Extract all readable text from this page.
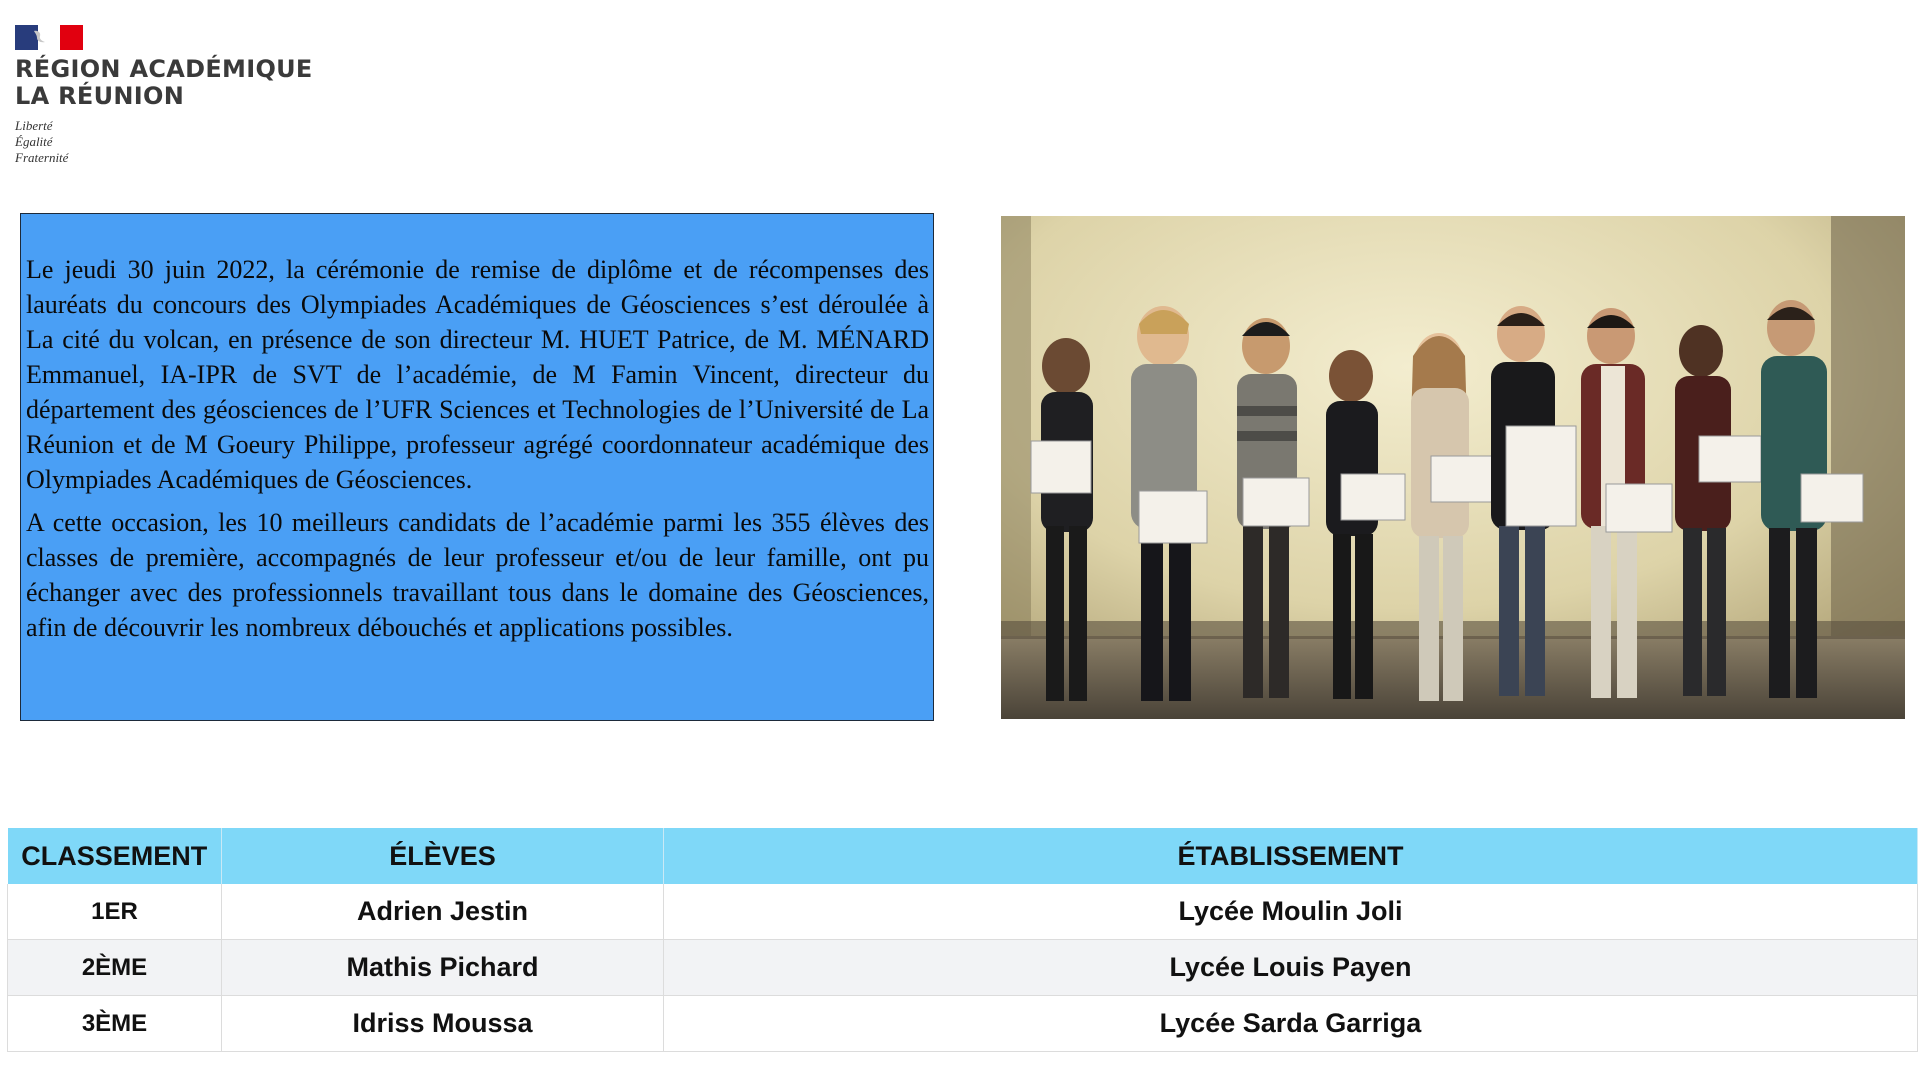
RÉGION ACADÉMIQUE
LA RÉUNION
Liberté
Égalité
Fraternité

Le jeudi 30 juin 2022, la cérémonie de remise de diplôme et de récompenses des lauréats du concours des Olympiades Académiques de Géosciences s’est déroulée à La cité du volcan, en présence de son directeur M. HUET Patrice, de M. MÉNARD Emmanuel, IA-IPR de SVT de l’académie, de M Famin Vincent, directeur du département des géosciences de l’UFR Sciences et Technologies de l’Université de La Réunion et de M Goeury Philippe, professeur agrégé coordonnateur académique des Olympiades Académiques de Géosciences.

A cette occasion, les 10 meilleurs candidats de l’académie parmi les 355 élèves des classes de première, accompagnés de leur professeur et/ou de leur famille, ont pu échanger avec des professionnels travaillant tous dans le domaine des Géosciences, afin de découvrir les nombreux débouchés et applications possibles.

CLASSEMENT	ÉLÈVES	ÉTABLISSEMENT
1ER	Adrien Jestin	Lycée Moulin Joli
2ÈME	Mathis Pichard	Lycée Louis Payen
3ÈME	Idriss Moussa	Lycée Sarda Garriga
